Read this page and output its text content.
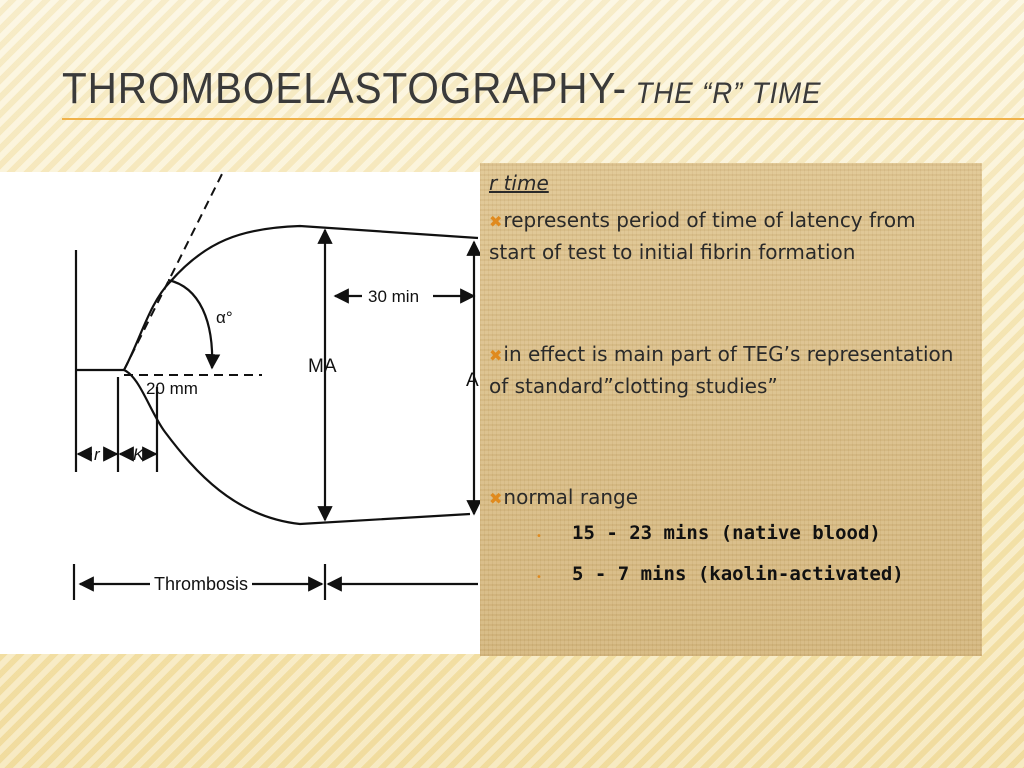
THROMBOELASTOGRAPHY- THE “R” TIME
α°
30 min
MA
A
20 mm
r K
Thrombosis
r time
✖represents period of time of latency from start of test to initial fibrin formation
✖in effect is main part of TEG’s representation of standard”clotting studies”
✖normal range
• 15 - 23 mins (native blood)
• 5 - 7 mins (kaolin-activated)
